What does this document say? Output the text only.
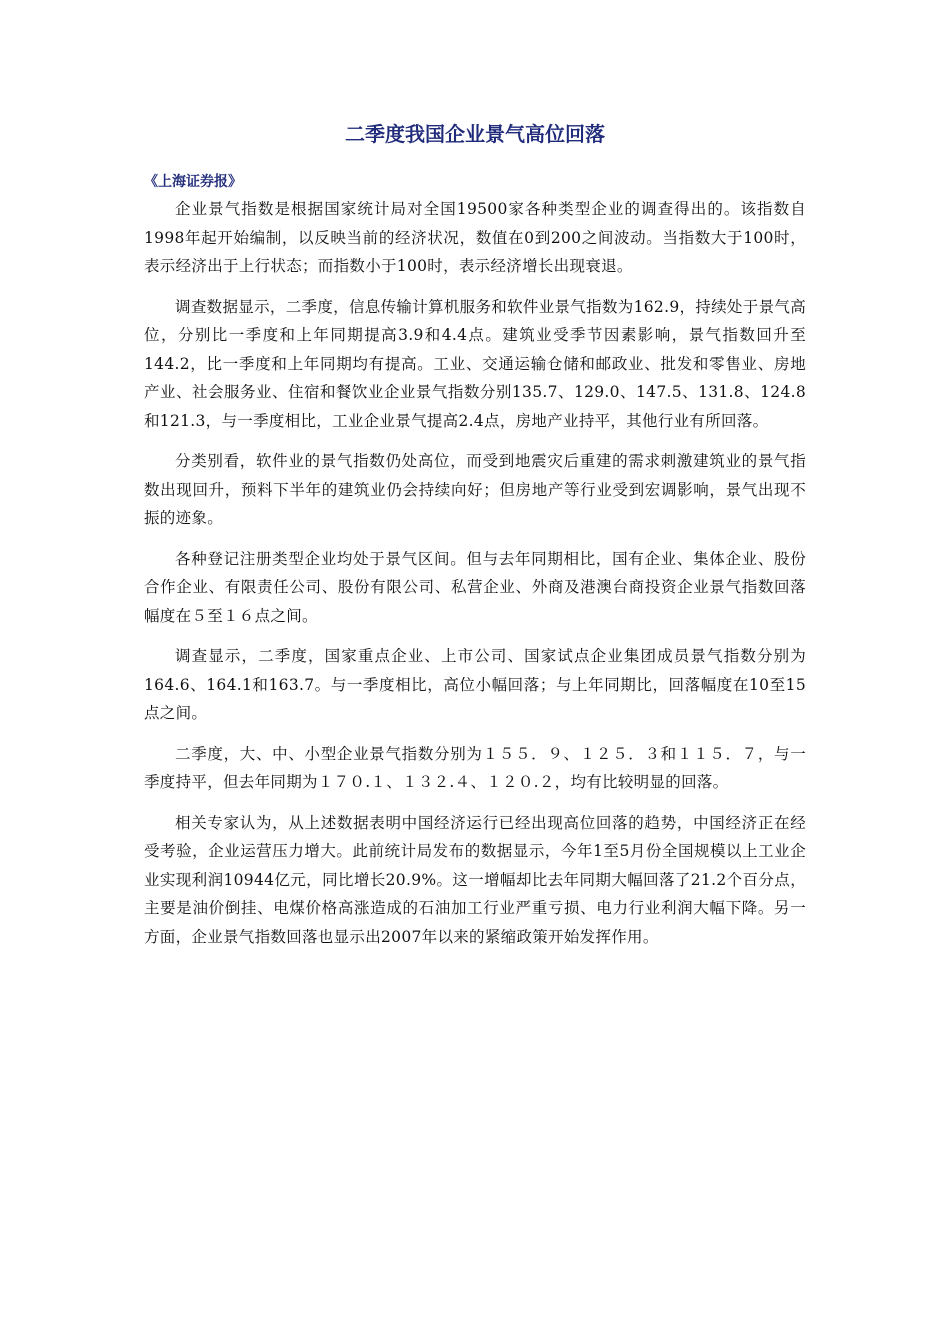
二季度我国企业景气高位回落

《上海证券报》

企业景气指数是根据国家统计局对全国19500家各种类型企业的调查得出的。该指数自1998年起开始编制，以反映当前的经济状况，数值在0到200之间波动。当指数大于100时，表示经济出于上行状态；而指数小于100时，表示经济增长出现衰退。

调查数据显示，二季度，信息传输计算机服务和软件业景气指数为162.9，持续处于景气高位，分别比一季度和上年同期提高3.9和4.4点。建筑业受季节因素影响，景气指数回升至144.2，比一季度和上年同期均有提高。工业、交通运输仓储和邮政业、批发和零售业、房地产业、社会服务业、住宿和餐饮业企业景气指数分别135.7、129.0、147.5、131.8、124.8和121.3，与一季度相比，工业企业景气提高2.4点，房地产业持平，其他行业有所回落。

分类别看，软件业的景气指数仍处高位，而受到地震灾后重建的需求刺激建筑业的景气指数出现回升，预料下半年的建筑业仍会持续向好；但房地产等行业受到宏调影响，景气出现不振的迹象。

各种登记注册类型企业均处于景气区间。但与去年同期相比，国有企业、集体企业、股份合作企业、有限责任公司、股份有限公司、私营企业、外商及港澳台商投资企业景气指数回落幅度在５至１６点之间。

调查显示，二季度，国家重点企业、上市公司、国家试点企业集团成员景气指数分别为164.6、164.1和163.7。与一季度相比，高位小幅回落；与上年同期比，回落幅度在10至15点之间。

二季度，大、中、小型企业景气指数分别为１５５．９、１２５．３和１１５．７，与一季度持平，但去年同期为１７０.１、１３２.４、１２０.２，均有比较明显的回落。

相关专家认为，从上述数据表明中国经济运行已经出现高位回落的趋势，中国经济正在经受考验，企业运营压力增大。此前统计局发布的数据显示，今年1至5月份全国规模以上工业企业实现利润10944亿元，同比增长20.9%。这一增幅却比去年同期大幅回落了21.2个百分点，主要是油价倒挂、电煤价格高涨造成的石油加工行业严重亏损、电力行业利润大幅下降。另一方面，企业景气指数回落也显示出2007年以来的紧缩政策开始发挥作用。
